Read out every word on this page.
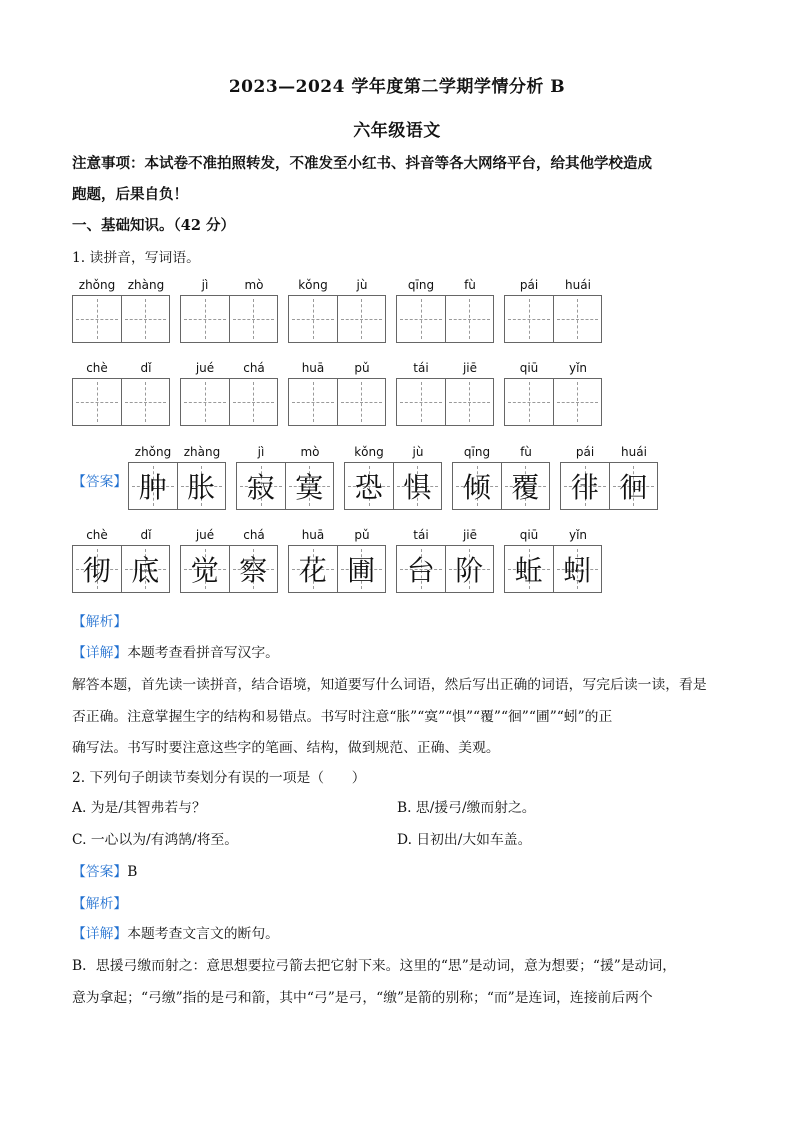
2023—2024 学年度第二学期学情分析 B
六年级语文
注意事项：本试卷不准拍照转发，不准发至小红书、抖音等各大网络平台，给其他学校造成
跑题，后果自负！
一、基础知识。（42 分）
1. 读拼音，写词语。
zhǒng	zhàng	jì	mò	kǒng	jù	qīng	fù	pái	huái
chè	dǐ	jué	chá	huā	pǔ	tái	jiē	qiū	yǐn
【答案】
zhǒng	zhàng	jì	mò	kǒng	jù	qīng	fù	pái	huái
肿 胀 寂 寞 恐 惧 倾 覆 徘 徊
chè	dǐ	jué	chá	huā	pǔ	tái	jiē	qiū	yǐn
彻 底 觉 察 花 圃 台 阶 蚯 蚓
【解析】
【详解】本题考查看拼音写汉字。
解答本题，首先读一读拼音，结合语境，知道要写什么词语，然后写出正确的词语，写完后读一读，看是
否正确。注意掌握生字的结构和易错点。书写时注意“胀”“寞”“惧”“覆”“徊”“圃”“蚓”的正
确写法。书写时要注意这些字的笔画、结构，做到规范、正确、美观。
2. 下列句子朗读节奏划分有误的一项是（　　）
A. 为是/其智弗若与？	B. 思/援弓/缴而射之。
C. 一心以为/有鸿鹄/将至。	D. 日初出/大如车盖。
【答案】B
【解析】
【详解】本题考查文言文的断句。
B．思援弓缴而射之：意思想要拉弓箭去把它射下来。这里的“思”是动词，意为想要；“援”是动词，
意为拿起；“弓缴”指的是弓和箭，其中“弓”是弓，“缴”是箭的别称；“而”是连词，连接前后两个
